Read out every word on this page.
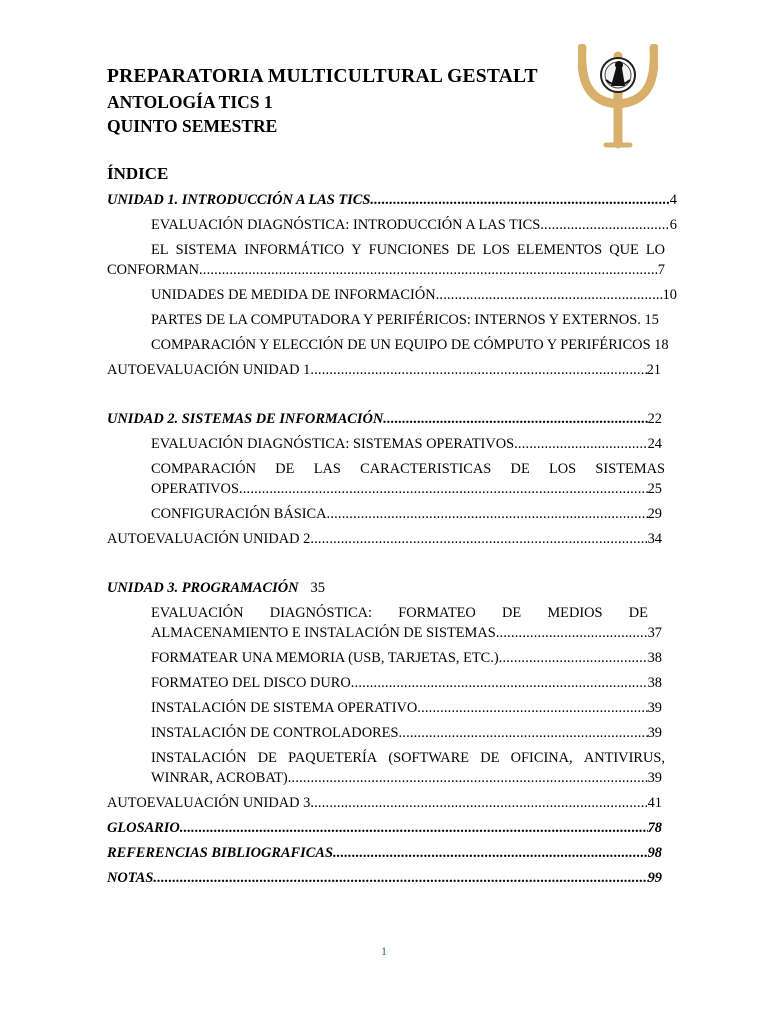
PREPARATORIA MULTICULTURAL GESTALT
ANTOLOGÍA TICS 1
QUINTO SEMESTRE
ÍNDICE
UNIDAD 1. INTRODUCCIÓN A LAS TICS .....	4
EVALUACIÓN DIAGNÓSTICA: INTRODUCCIÓN A LAS TICS .....	6
EL SISTEMA INFORMÁTICO Y FUNCIONES DE LOS ELEMENTOS QUE LO
CONFORMAN .....	7
UNIDADES DE MEDIDA DE INFORMACIÓN .....	10
PARTES DE LA COMPUTADORA Y PERIFÉRICOS: INTERNOS Y EXTERNOS. 15
COMPARACIÓN Y ELECCIÓN DE UN EQUIPO DE CÓMPUTO Y PERIFÉRICOS 18
AUTOEVALUACIÓN UNIDAD 1 .....	21
UNIDAD 2. SISTEMAS DE INFORMACIÓN .....	22
EVALUACIÓN DIAGNÓSTICA: SISTEMAS OPERATIVOS .....	24
COMPARACIÓN DE LAS CARACTERISTICAS DE LOS SISTEMAS
OPERATIVOS .....	25
CONFIGURACIÓN BÁSICA .....	29
AUTOEVALUACIÓN UNIDAD 2 .....	34
UNIDAD 3. PROGRAMACIÓN 35
EVALUACIÓN DIAGNÓSTICA: FORMATEO DE MEDIOS DE
ALMACENAMIENTO E INSTALACIÓN DE SISTEMAS .....	37
FORMATEAR UNA MEMORIA (USB, TARJETAS, ETC.) .....	38
FORMATEO DEL DISCO DURO .....	38
INSTALACIÓN DE SISTEMA OPERATIVO .....	39
INSTALACIÓN DE CONTROLADORES .....	39
INSTALACIÓN DE PAQUETERÍA (SOFTWARE DE OFICINA, ANTIVIRUS,
WINRAR, ACROBAT) .....	39
AUTOEVALUACIÓN UNIDAD 3 .....	41
GLOSARIO .....	78
REFERENCIAS BIBLIOGRAFICAS .....	98
NOTAS .....	99
1
